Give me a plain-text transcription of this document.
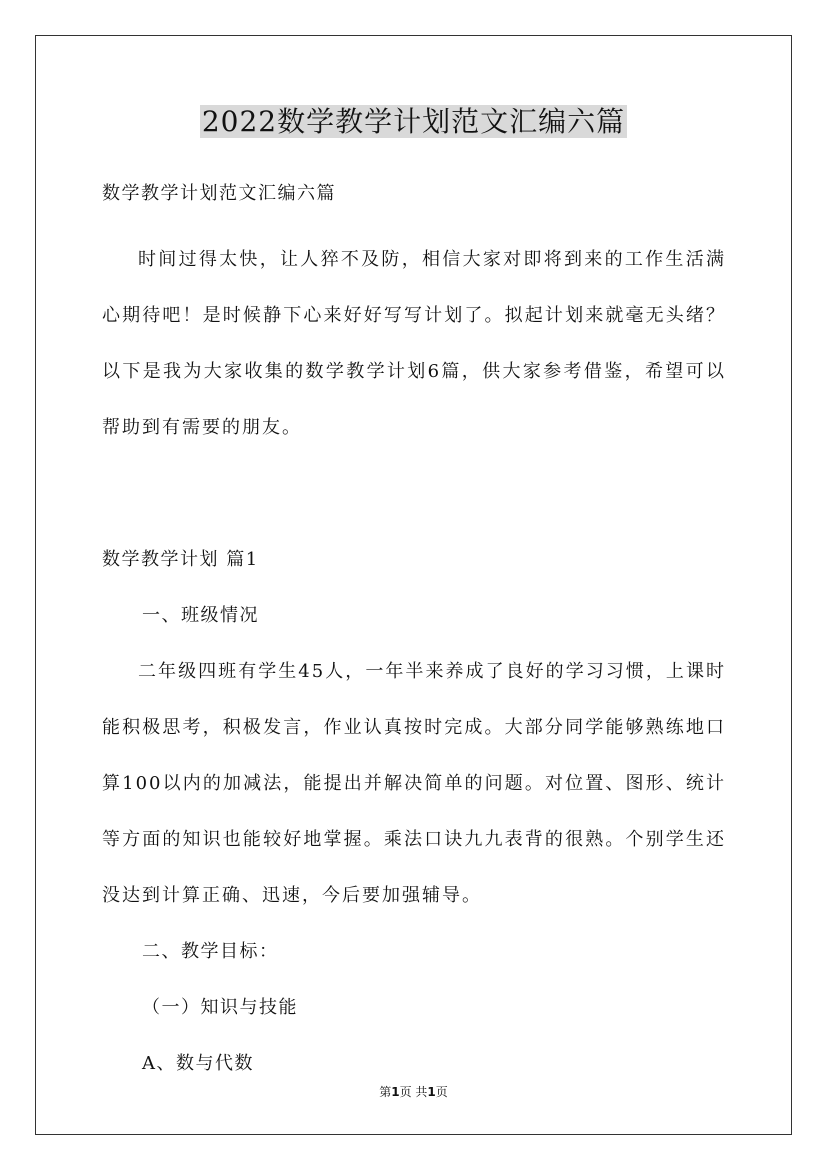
2022数学教学计划范文汇编六篇

数学教学计划范文汇编六篇

时间过得太快，让人猝不及防，相信大家对即将到来的工作生活满心期待吧！是时候静下心来好好写写计划了。拟起计划来就毫无头绪？以下是我为大家收集的数学教学计划6篇，供大家参考借鉴，希望可以帮助到有需要的朋友。

数学教学计划 篇1

一、班级情况

二年级四班有学生45人，一年半来养成了良好的学习习惯，上课时能积极思考，积极发言，作业认真按时完成。大部分同学能够熟练地口算100以内的加减法，能提出并解决简单的问题。对位置、图形、统计等方面的知识也能较好地掌握。乘法口诀九九表背的很熟。个别学生还没达到计算正确、迅速，今后要加强辅导。

二、教学目标：

（一）知识与技能

A、数与代数

第1页 共1页
